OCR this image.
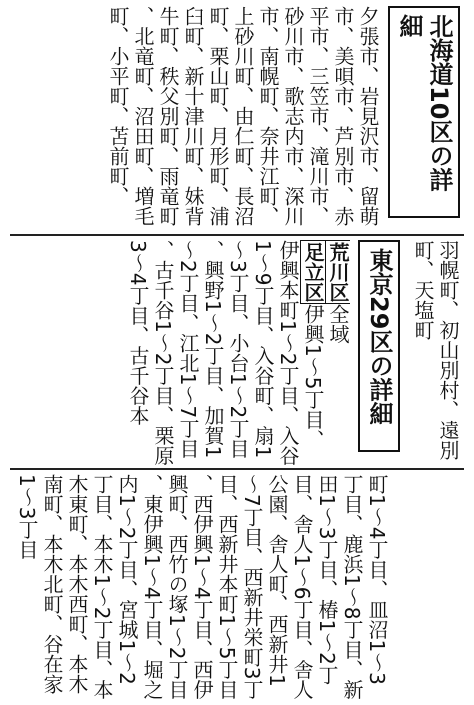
北海道10区の詳細
夕張市、岩見沢市、留萌市、美唄市、芦別市、赤平市、三笠市、滝川市、砂川市、歌志内市、深川市、南幌町、奈井江町、上砂川町、由仁町、長沼町、栗山町、月形町、浦臼町、新十津川町、妹背牛町、秩父別町、雨竜町、北竜町、沼田町、増毛町、小平町、苫前町、
羽幌町、初山別村、遠別町、天塩町
東京29区の詳細
荒川区全域
足立区伊興1～5丁目、伊興本町1～2丁目、入谷1～9丁目、入谷町、扇1～3丁目、小台1～2丁目、興野1～2丁目、加賀1～2丁目、江北1～7丁目、古千谷1～2丁目、栗原3～4丁目、古千谷本
町1～4丁目、皿沼1～3丁目、鹿浜1～8丁目、新田1～3丁目、椿1～2丁目、舎人1～6丁目、舎人公園、舎人町、西新井1～7丁目、西新井栄町3丁目、西新井本町1～5丁目、西伊興1～4丁目、西伊興町、西竹の塚1～2丁目、東伊興1～4丁目、堀之内1～2丁目、宮城1～2丁目、本木1～2丁目、本木東町、本木西町、本木南町、本木北町、谷在家1～3丁目
